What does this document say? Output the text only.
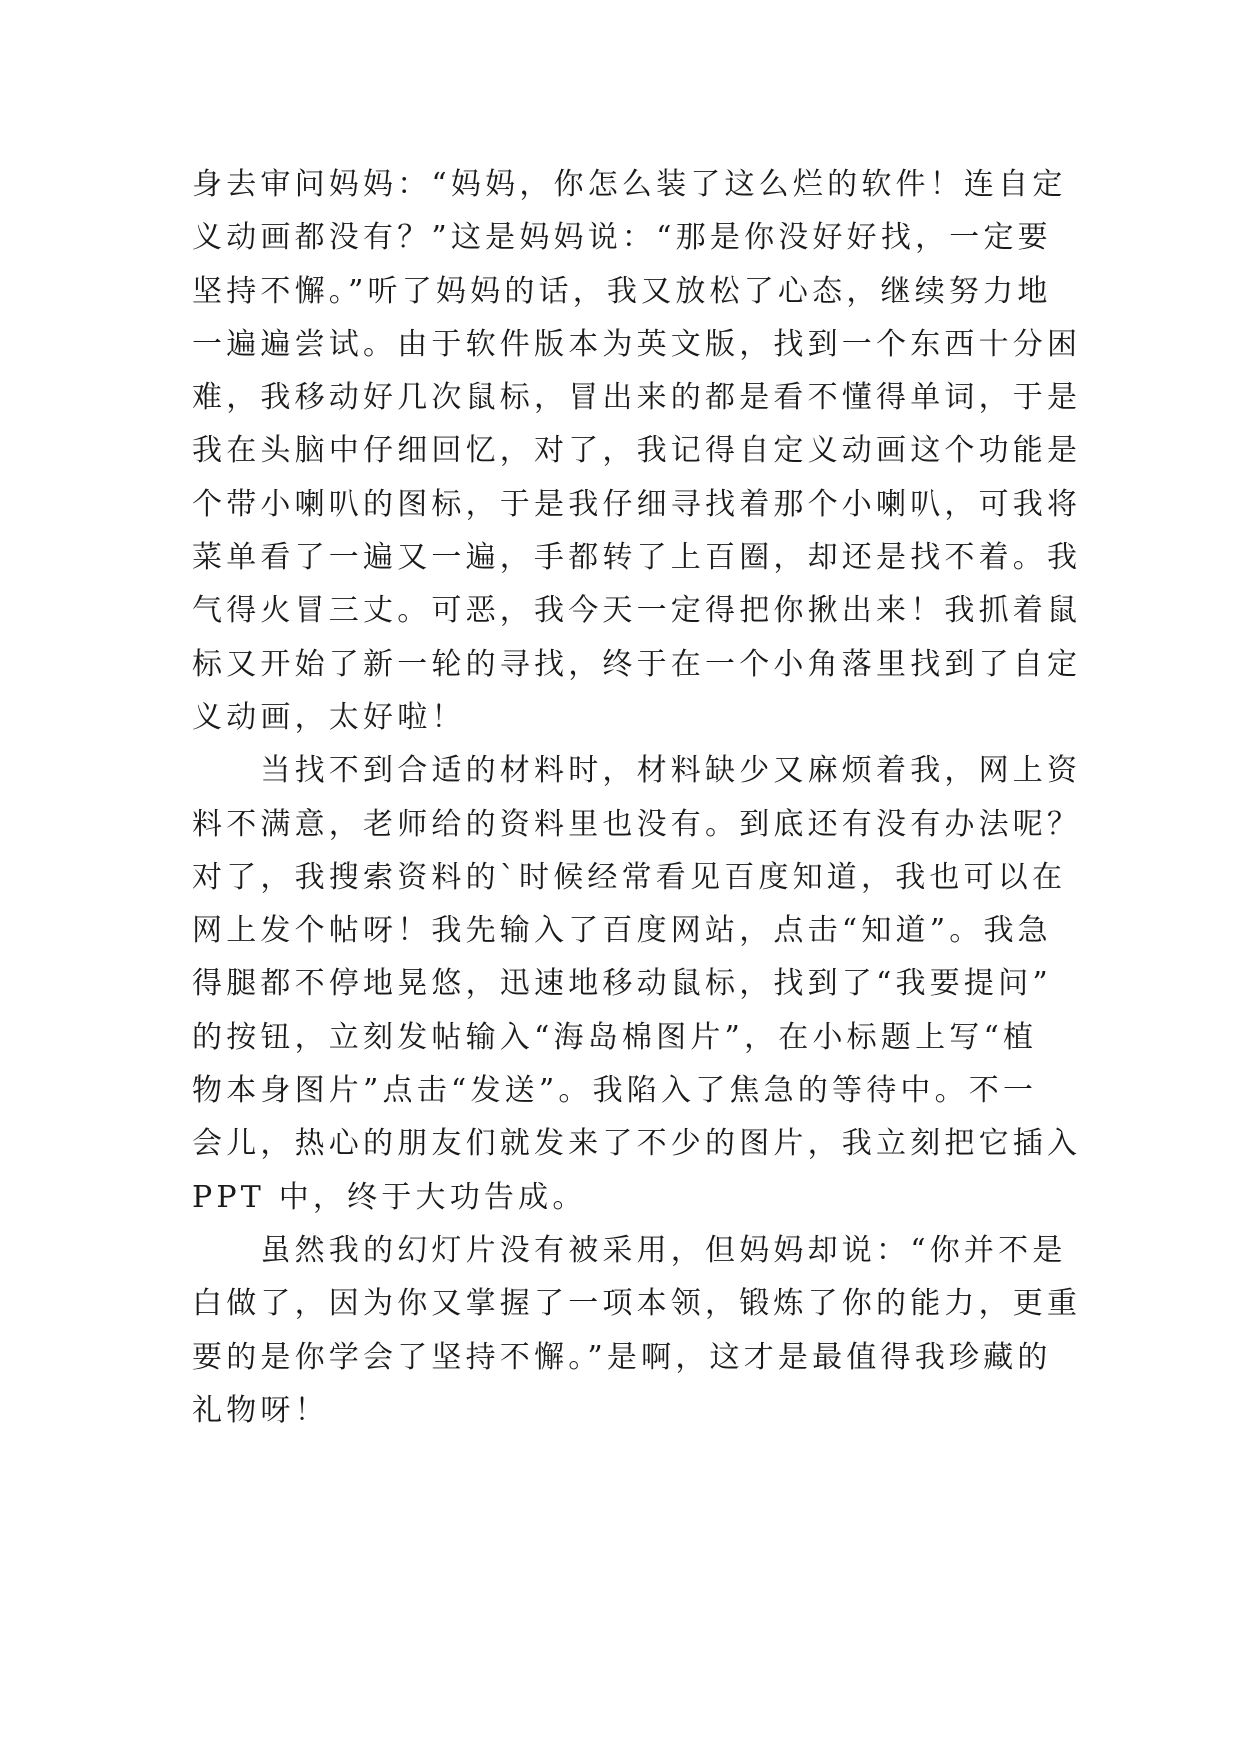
身去审问妈妈：“妈妈，你怎么装了这么烂的软件！连自定
义动画都没有？”这是妈妈说：“那是你没好好找，一定要
坚持不懈。”听了妈妈的话，我又放松了心态，继续努力地
一遍遍尝试。由于软件版本为英文版，找到一个东西十分困
难，我移动好几次鼠标，冒出来的都是看不懂得单词，于是
我在头脑中仔细回忆，对了，我记得自定义动画这个功能是
个带小喇叭的图标，于是我仔细寻找着那个小喇叭，可我将
菜单看了一遍又一遍，手都转了上百圈，却还是找不着。我
气得火冒三丈。可恶，我今天一定得把你揪出来！我抓着鼠
标又开始了新一轮的寻找，终于在一个小角落里找到了自定
义动画，太好啦！
　　当找不到合适的材料时，材料缺少又麻烦着我，网上资
料不满意，老师给的资料里也没有。到底还有没有办法呢？
对了，我搜索资料的`时候经常看见百度知道，我也可以在
网上发个帖呀！我先输入了百度网站，点击“知道”。我急
得腿都不停地晃悠，迅速地移动鼠标，找到了“我要提问”
的按钮，立刻发帖输入“海岛棉图片”，在小标题上写“植
物本身图片”点击“发送”。我陷入了焦急的等待中。不一
会儿，热心的朋友们就发来了不少的图片，我立刻把它插入
PPT 中，终于大功告成。
　　虽然我的幻灯片没有被采用，但妈妈却说：“你并不是
白做了，因为你又掌握了一项本领，锻炼了你的能力，更重
要的是你学会了坚持不懈。”是啊，这才是最值得我珍藏的
礼物呀！
